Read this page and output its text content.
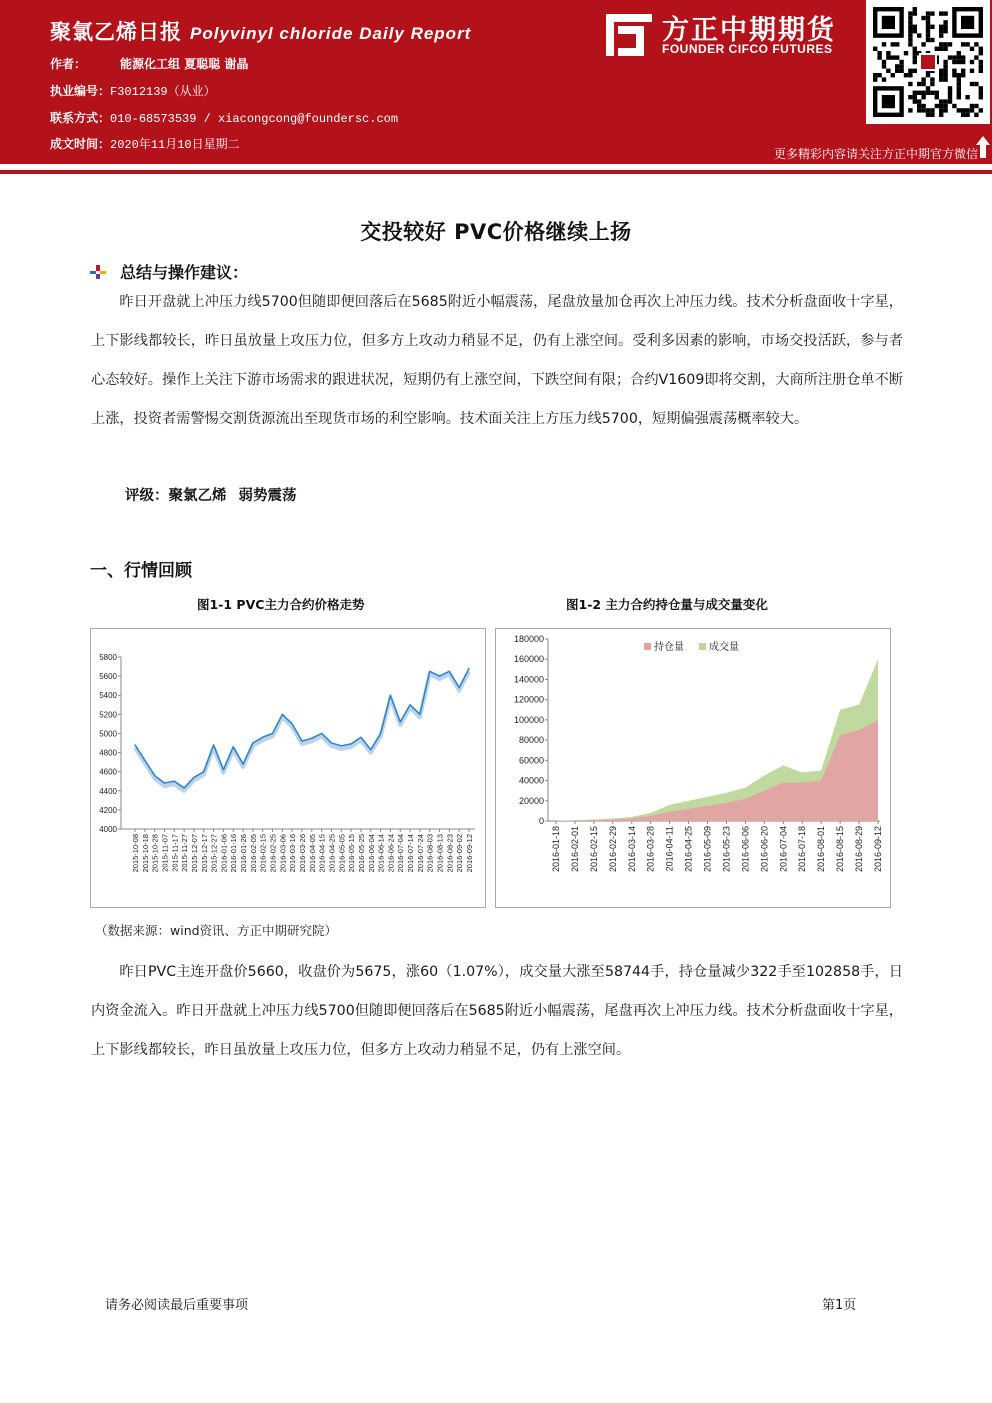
聚氯乙烯日报 Polyvinyl chloride Daily Report
作者：	能源化工组 夏聪聪 谢晶
执业编号：F3012139（从业）
联系方式：010-68573539 / xiacongcong@foundersc.com
成文时间：2020年11月10日星期二
方正中期期货
FOUNDER CIFCO FUTURES
更多精彩内容请关注方正中期官方微信
交投较好 PVC价格继续上扬
总结与操作建议：

昨日开盘就上冲压力线5700但随即便回落后在5685附近小幅震荡，尾盘放量加仓再次上冲压力线。技术分析盘面收十字星，上下影线都较长，昨日虽放量上攻压力位，但多方上攻动力稍显不足，仍有上涨空间。受利多因素的影响，市场交投活跃，参与者心态较好。操作上关注下游市场需求的跟进状况，短期仍有上涨空间，下跌空间有限；合约V1609即将交割，大商所注册仓单不断上涨，投资者需警惕交割货源流出至现货市场的利空影响。技术面关注上方压力线5700，短期偏强震荡概率较大。

评级：聚氯乙烯 弱势震荡
一、行情回顾
图1-1 PVC主力合约价格走势	图1-2 主力合约持仓量与成交量变化
4000
4200
4400
4600
4800
5000
5200
5400
5600
5800
2015-10-08 2015-10-18 2015-10-28 2015-11-07 2015-11-17 2015-11-27 2015-12-07 2015-12-17 2015-12-27 2016-01-06 2016-01-16 2016-01-26 2016-02-05 2016-02-15 2016-02-25 2016-03-06 2016-03-16 2016-03-26 2016-04-05 2016-04-15 2016-04-25 2016-05-05 2016-05-15 2016-05-25 2016-06-04 2016-06-14 2016-06-24 2016-07-04 2016-07-14 2016-07-24 2016-08-03 2016-08-13 2016-08-23 2016-09-02 2016-09-12
0
20000
40000
60000
80000
100000
120000
140000
160000
180000
2016-01-18 2016-02-01 2016-02-15 2016-02-29 2016-03-14 2016-03-28 2016-04-11 2016-04-25 2016-05-09 2016-05-23 2016-06-06 2016-06-20 2016-07-04 2016-07-18 2016-08-01 2016-08-15 2016-08-29 2016-09-12
持仓量	成交量
（数据来源：wind资讯、方正中期研究院）

昨日PVC主连开盘价5660，收盘价为5675，涨60（1.07%），成交量大涨至58744手，持仓量减少322手至102858手，日内资金流入。昨日开盘就上冲压力线5700但随即便回落后在5685附近小幅震荡，尾盘再次上冲压力线。技术分析盘面收十字星，上下影线都较长，昨日虽放量上攻压力位，但多方上攻动力稍显不足，仍有上涨空间。

请务必阅读最后重要事项	第1页
